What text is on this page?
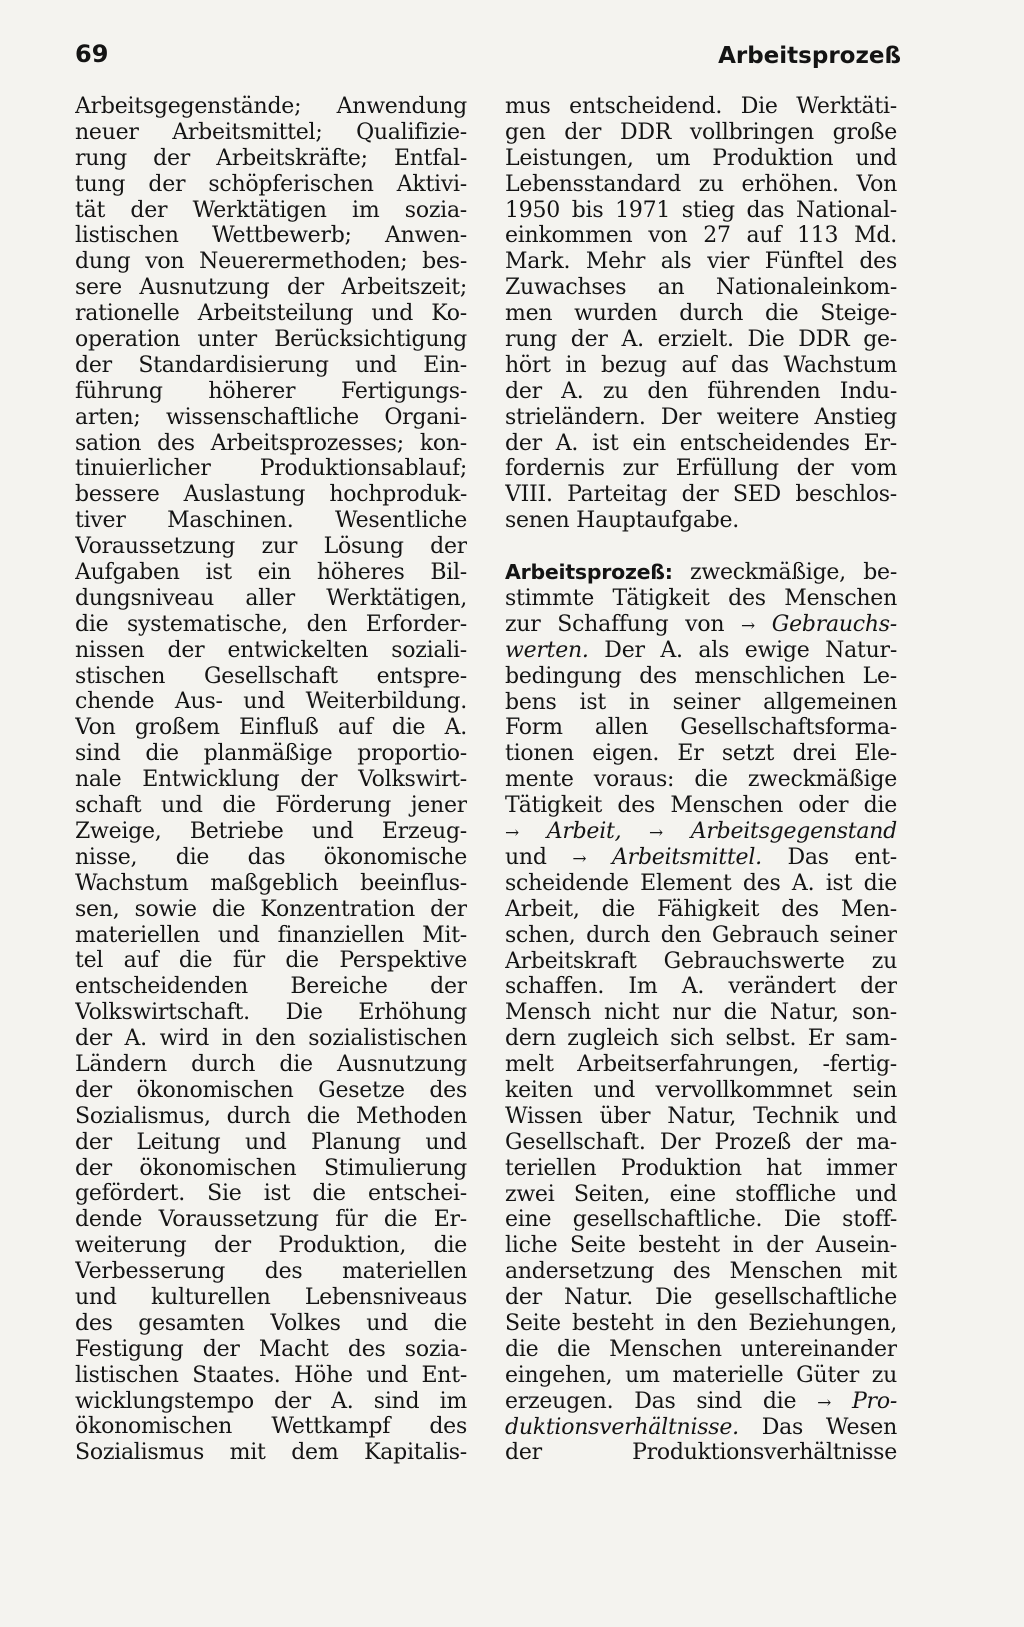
69	Arbeitsprozeß
Arbeitsgegenstände; Anwendung
neuer Arbeitsmittel; Qualifizie-
rung der Arbeitskräfte; Entfal-
tung der schöpferischen Aktivi-
tät der Werktätigen im sozia-
listischen Wettbewerb; Anwen-
dung von Neuerermethoden; bes-
sere Ausnutzung der Arbeitszeit;
rationelle Arbeitsteilung und Ko-
operation unter Berücksichtigung
der Standardisierung und Ein-
führung höherer Fertigungs-
arten; wissenschaftliche Organi-
sation des Arbeitsprozesses; kon-
tinuierlicher Produktionsablauf;
bessere Auslastung hochproduk-
tiver Maschinen. Wesentliche
Voraussetzung zur Lösung der
Aufgaben ist ein höheres Bil-
dungsniveau aller Werktätigen,
die systematische, den Erforder-
nissen der entwickelten soziali-
stischen Gesellschaft entspre-
chende Aus- und Weiterbildung.
Von großem Einfluß auf die A.
sind die planmäßige proportio-
nale Entwicklung der Volkswirt-
schaft und die Förderung jener
Zweige, Betriebe und Erzeug-
nisse, die das ökonomische
Wachstum maßgeblich beeinflus-
sen, sowie die Konzentration der
materiellen und finanziellen Mit-
tel auf die für die Perspektive
entscheidenden Bereiche der
Volkswirtschaft. Die Erhöhung
der A. wird in den sozialistischen
Ländern durch die Ausnutzung
der ökonomischen Gesetze des
Sozialismus, durch die Methoden
der Leitung und Planung und
der ökonomischen Stimulierung
gefördert. Sie ist die entschei-
dende Voraussetzung für die Er-
weiterung der Produktion, die
Verbesserung des materiellen
und kulturellen Lebensniveaus
des gesamten Volkes und die
Festigung der Macht des sozia-
listischen Staates. Höhe und Ent-
wicklungstempo der A. sind im
ökonomischen Wettkampf des
Sozialismus mit dem Kapitalis-
mus entscheidend. Die Werktäti-
gen der DDR vollbringen große
Leistungen, um Produktion und
Lebensstandard zu erhöhen. Von
1950 bis 1971 stieg das National-
einkommen von 27 auf 113 Md.
Mark. Mehr als vier Fünftel des
Zuwachses an Nationaleinkom-
men wurden durch die Steige-
rung der A. erzielt. Die DDR ge-
hört in bezug auf das Wachstum
der A. zu den führenden Indu-
strieländern. Der weitere Anstieg
der A. ist ein entscheidendes Er-
fordernis zur Erfüllung der vom
VIII. Parteitag der SED beschlos-
senen Hauptaufgabe.
Arbeitsprozeß: zweckmäßige, be-
stimmte Tätigkeit des Menschen
zur Schaffung von → Gebrauchs-
werten. Der A. als ewige Natur-
bedingung des menschlichen Le-
bens ist in seiner allgemeinen
Form allen Gesellschaftsforma-
tionen eigen. Er setzt drei Ele-
mente voraus: die zweckmäßige
Tätigkeit des Menschen oder die
→ Arbeit, → Arbeitsgegenstand
und → Arbeitsmittel. Das ent-
scheidende Element des A. ist die
Arbeit, die Fähigkeit des Men-
schen, durch den Gebrauch seiner
Arbeitskraft Gebrauchswerte zu
schaffen. Im A. verändert der
Mensch nicht nur die Natur, son-
dern zugleich sich selbst. Er sam-
melt Arbeitserfahrungen, -fertig-
keiten und vervollkommnet sein
Wissen über Natur, Technik und
Gesellschaft. Der Prozeß der ma-
teriellen Produktion hat immer
zwei Seiten, eine stoffliche und
eine gesellschaftliche. Die stoff-
liche Seite besteht in der Ausein-
andersetzung des Menschen mit
der Natur. Die gesellschaftliche
Seite besteht in den Beziehungen,
die die Menschen untereinander
eingehen, um materielle Güter zu
erzeugen. Das sind die → Pro-
duktionsverhältnisse. Das Wesen
der Produktionsverhältnisse
